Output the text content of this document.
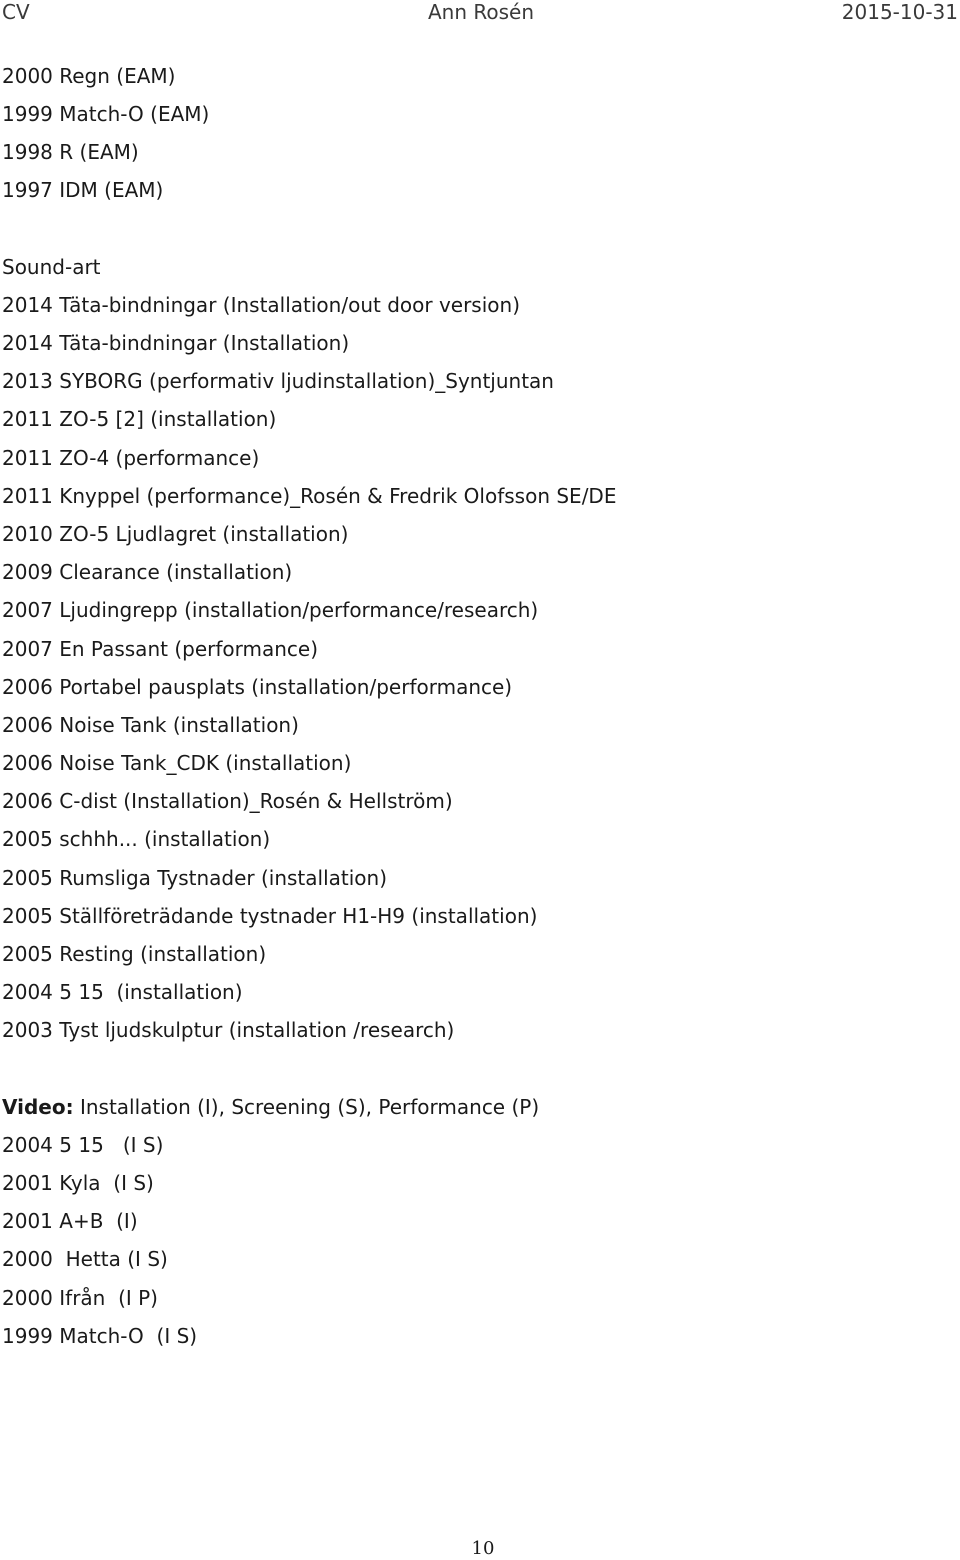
CV	Ann Rosén	2015-10-31
2000 Regn (EAM)
1999 Match-O (EAM)
1998 R (EAM)
1997 IDM (EAM)
Sound-art
2014 Täta-bindningar (Installation/out door version)
2014 Täta-bindningar (Installation)
2013 SYBORG (performativ ljudinstallation)_Syntjuntan
2011 ZO-5 [2] (installation)
2011 ZO-4 (performance)
2011 Knyppel (performance)_Rosén & Fredrik Olofsson SE/DE
2010 ZO-5 Ljudlagret (installation)
2009 Clearance (installation)
2007 Ljudingrepp (installation/performance/research)
2007 En Passant (performance)
2006 Portabel pausplats (installation/performance)
2006 Noise Tank (installation)
2006 Noise Tank_CDK (installation)
2006 C-dist (Installation)_Rosén & Hellström)
2005 schhh... (installation)
2005 Rumsliga Tystnader (installation)
2005 Ställföreträdande tystnader H1-H9 (installation)
2005 Resting (installation)
2004 5 15  (installation)
2003 Tyst ljudskulptur (installation /research)
Video: Installation (I), Screening (S), Performance (P)
2004 5 15   (I S)
2001 Kyla  (I S)
2001 A+B  (I)
2000  Hetta (I S)
2000 Ifrån  (I P)
1999 Match-O  (I S)
10
